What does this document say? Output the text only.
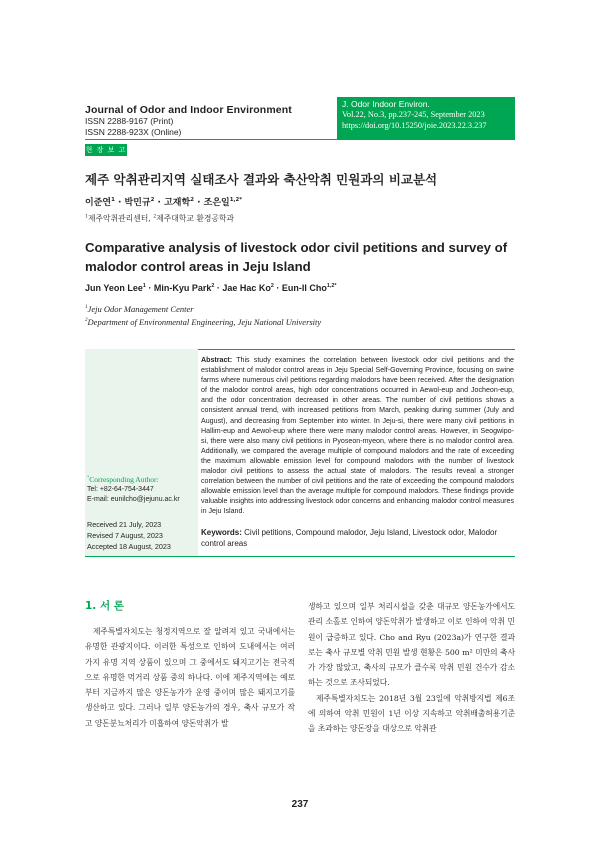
Journal of Odor and Indoor Environment
ISSN 2288-9167 (Print)
ISSN 2288-923X (Online)
J. Odor Indoor Environ.
Vol.22, No.3, pp.237-245, September 2023
https://doi.org/10.15250/joie.2023.22.3.237
현 장 보 고
제주 악취관리지역 실태조사 결과와 축산악취 민원과의 비교분석
이준연$^1$ · 박민규$^2$ · 고재학$^2$ · 조은일$^{1,2*}$
$^1$제주악취관리센터, $^2$제주대학교 환경공학과
Comparative analysis of livestock odor civil petitions and survey of malodor control areas in Jeju Island
Jun Yeon Lee$^1$ · Min-Kyu Park$^2$ · Jae Hac $Ko^2 \cdot Eun-Il$ Cho$^{1,2*}$
$^1$Jeju Odor Management Center
$^2$Department of Environmental Engineering, Jeju National University
*Corresponding Author:
Tel: +82-64-754-3447
E-mail: eunilcho@jejunu.ac.kr
Received 21 July, 2023
Revised 7 August, 2023
Accepted 18 August, 2023
Abstract: This study examines the correlation between livestock odor civil petitions and the establishment of malodor control areas in Jeju Special Self-Governing Province, focusing on swine farms where numerous civil petitions regarding malodors have been received. After the designation of the malodor control areas, high odor concentrations occurred in Aewol-eup and Jocheon-eup, and the odor concentration decreased in other areas. The number of civil petitions shows a consistent annual trend, with increased petitions from March, peaking during summer (July and August), and decreasing from September into winter. In Jeju-si, there were many civil petitions in Hallim-eup and Aewol-eup where there were many malodor control areas. However, in Seogwipo-si, there were also many civil petitions in Pyoseon-myeon, where there is no malodor control area. Additionally, we compared the average multiple of compound malodors and the rate of exceeding the maximum allowable emission level for compound malodors with the number of livestock malodor civil petitions to assess the actual state of malodors. The results reveal a stronger correlation between the number of civil petitions and the rate of exceeding the compound malodors allowable emission level than the average multiple for compound malodors. These findings provide valuable insights into addressing livestock odor concerns and enhancing malodor control measures in Jeju Island.
Keywords: Civil petitions, Compound malodor, Jeju Island, Livestock odor, Malodor control areas
1. 서 론

제주특별자치도는 청정지역으로 잘 알려져 있고 국내에서는 유명한 관광지이다. 이러한 특성으로 인하여 도내에서는 여러 가지 유명 지역 상품이 있으며 그 중에서도 돼지고기는 전국적으로 유명한 먹거리 상품 중의 하나다. 이에 제주지역에는 예로부터 지금까지 많은 양돈농가가 운영 중이며 많은 돼지고기를 생산하고 있다. 그러나 일부 양돈농가의 경우, 축사 규모가 작고 양돈분뇨처리가 미흡하여 양돈악취가 발

생하고 있으며 일부 처리시설을 갖춘 대규모 양돈농가에서도 관리 소홀로 인하여 양돈악취가 발생하고 이로 인하여 악취 민원이 급증하고 있다. Cho and Ryu (2023a)가 연구한 결과로는 축사 규모별 악취 민원 발생 현황은 500 m² 미만의 축사가 가장 많았고, 축사의 규모가 클수록 악취 민원 건수가 감소하는 것으로 조사되었다.

제주특별자치도는 2018년 3월 23일에 악취방지법 제6조에 의하여 악취 민원이 1년 이상 지속하고 악취배출허용기준을 초과하는 양돈장을 대상으로 악취관

237
